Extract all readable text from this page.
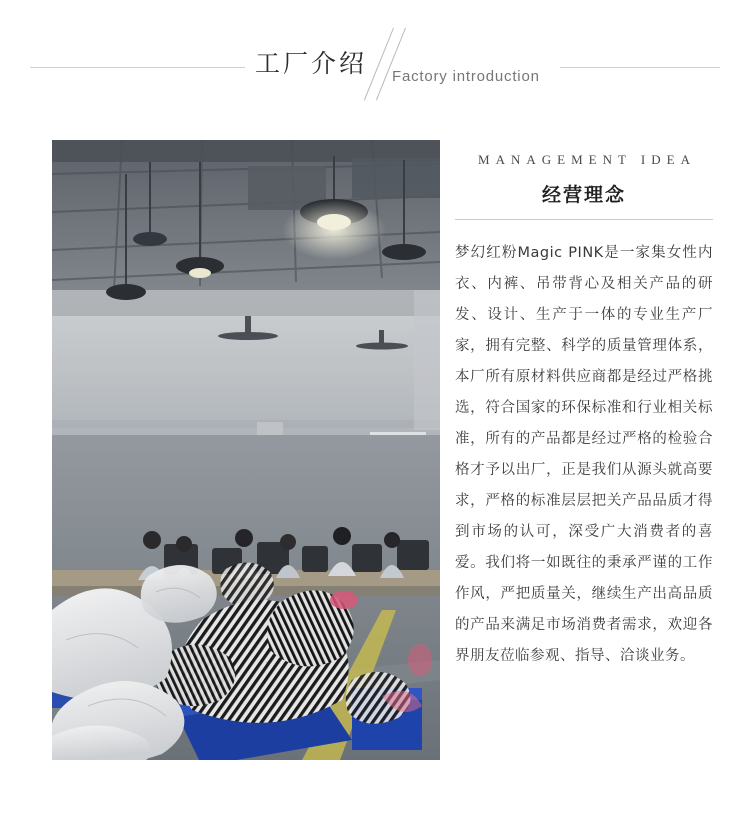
工厂介绍 Factory introduction
MANAGEMENT IDEA
经营理念
梦幻红粉Magic PINK是一家集女性内衣、内裤、吊带背心及相关产品的研发、设计、生产于一体的专业生产厂家，拥有完整、科学的质量管理体系，本厂所有原材料供应商都是经过严格挑选，符合国家的环保标准和行业相关标准，所有的产品都是经过严格的检验合格才予以出厂，正是我们从源头就高要求，严格的标准层层把关产品品质才得到市场的认可，深受广大消费者的喜爱。我们将一如既往的秉承严谨的工作作风，严把质量关，继续生产出高品质的产品来满足市场消费者需求，欢迎各界朋友莅临参观、指导、洽谈业务。
